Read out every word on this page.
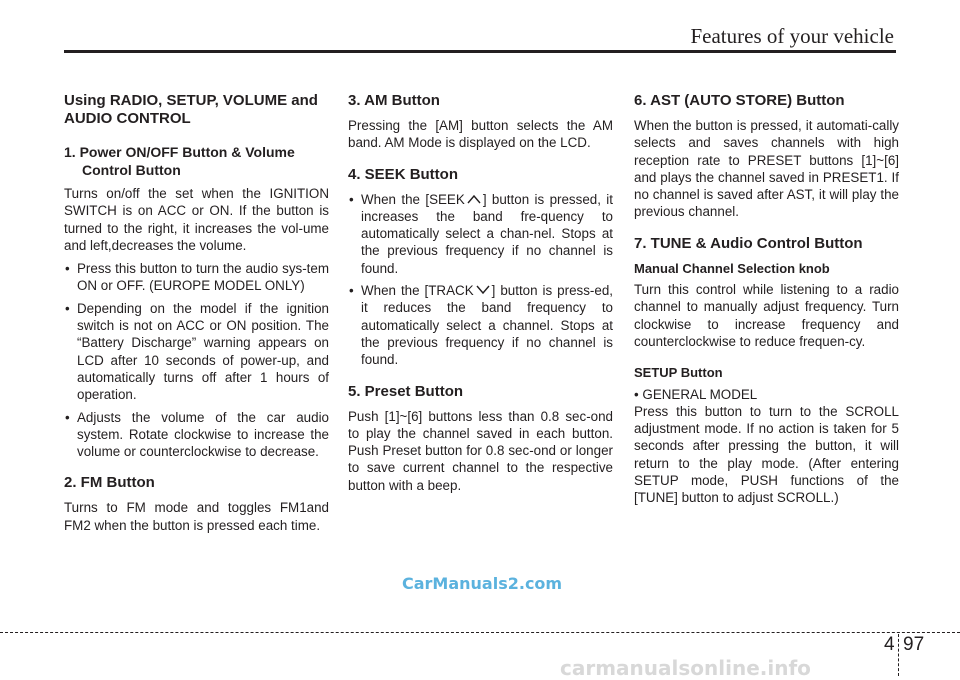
Features of your vehicle
Using RADIO, SETUP, VOLUME and AUDIO CONTROL
1. Power ON/OFF Button & Volume Control Button

Turns on/off the set when the IGNITION SWITCH is on ACC or ON. If the button is turned to the right, it increases the vol-ume and left,decreases the volume.

• Press this button to turn the audio sys-tem ON or OFF. (EUROPE MODEL ONLY)
• Depending on the model if the ignition switch is not on ACC or ON position. The “Battery Discharge” warning appears on LCD after 10 seconds of power-up, and automatically turns off after 1 hours of operation.
• Adjusts the volume of the car audio system. Rotate clockwise to increase the volume or counterclockwise to decrease.
2. FM Button

Turns to FM mode and toggles FM1and FM2 when the button is pressed each time.

3. AM Button

Pressing the [AM] button selects the AM band. AM Mode is displayed on the LCD.

4. SEEK Button
• When the [SEEK ] button is pressed, it increases the band fre-quency to automatically select a chan-nel. Stops at the previous frequency if no channel is found.
• When the [TRACK ] button is press-ed, it reduces the band frequency to automatically select a channel. Stops at the previous frequency if no channel is found.
5. Preset Button

Push [1]~[6] buttons less than 0.8 sec-ond to play the channel saved in each button. Push Preset button for 0.8 sec-ond or longer to save current channel to the respective button with a beep.

6. AST (AUTO STORE) Button

When the button is pressed, it automati-cally selects and saves channels with high reception rate to PRESET buttons [1]~[6] and plays the channel saved in PRESET1. If no channel is saved after AST, it will play the previous channel.

7. TUNE & Audio Control Button
Manual Channel Selection knob

Turn this control while listening to a radio channel to manually adjust frequency. Turn clockwise to increase frequency and counterclockwise to reduce frequen-cy.

SETUP Button

• GENERAL MODEL

Press this button to turn to the SCROLL adjustment mode. If no action is taken for 5 seconds after pressing the button, it will return to the play mode. (After entering SETUP mode, PUSH functions of the [TUNE] button to adjust SCROLL.)

CarManuals2.com
4 97
carmanualsonline.info
